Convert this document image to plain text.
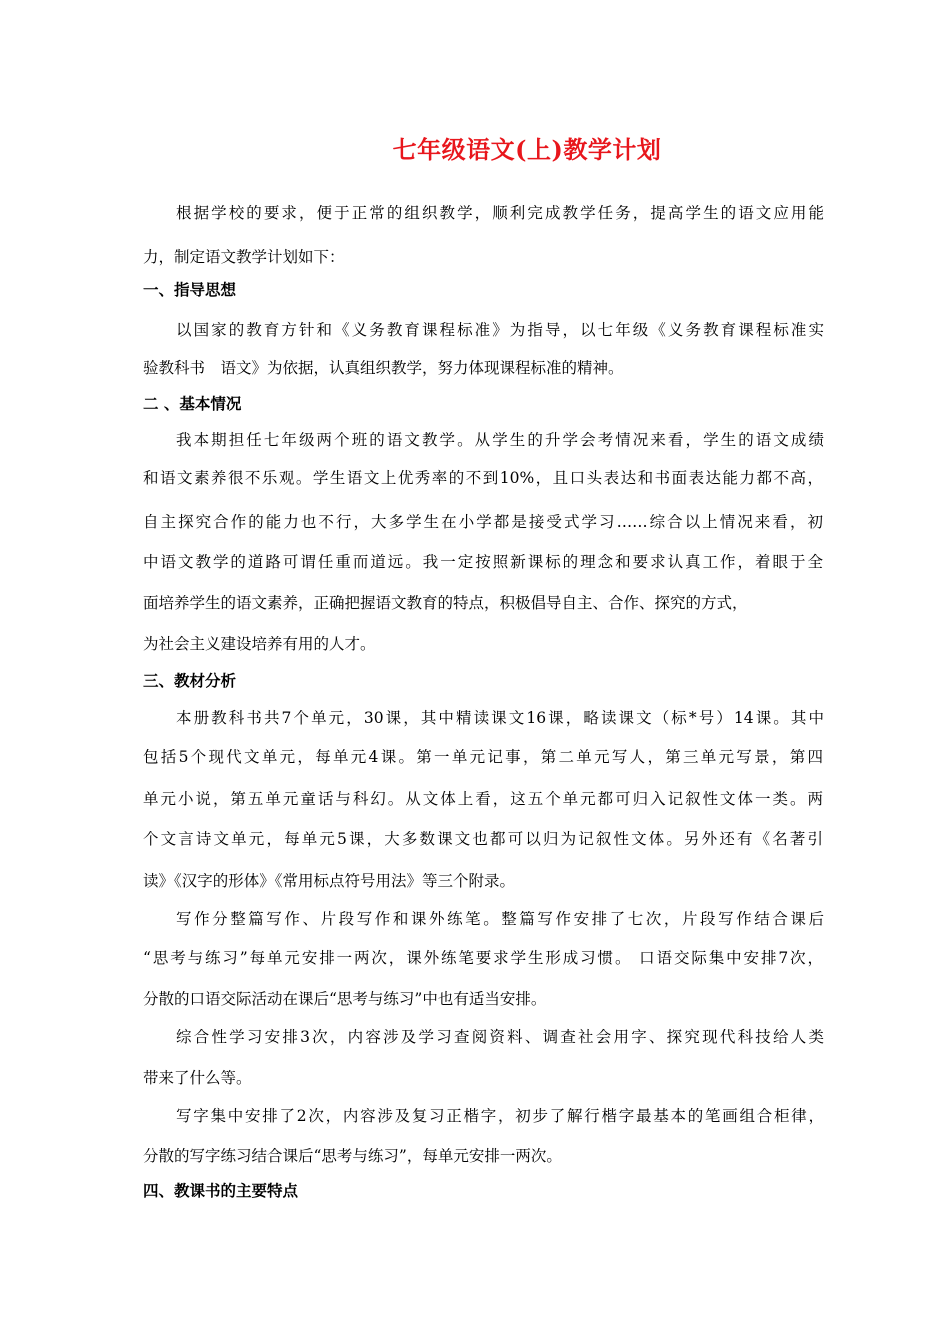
七年级语文(上)教学计划

根据学校的要求，便于正常的组织教学，顺利完成教学任务，提高学生的语文应用能

力，制定语文教学计划如下：

一、指导思想

以国家的教育方针和《义务教育课程标准》为指导，以七年级《义务教育课程标准实

验教科书　语文》为依据，认真组织教学，努力体现课程标准的精神。

二 、基本情况

我本期担任七年级两个班的语文教学。从学生的升学会考情况来看，学生的语文成绩

和语文素养很不乐观。学生语文上优秀率的不到10%，且口头表达和书面表达能力都不高，

自主探究合作的能力也不行，大多学生在小学都是接受式学习……综合以上情况来看，初

中语文教学的道路可谓任重而道远。我一定按照新课标的理念和要求认真工作，着眼于全

面培养学生的语文素养，正确把握语文教育的特点，积极倡导自主、合作、探究的方式，

为社会主义建设培养有用的人才。

三、教材分析

本册教科书共7个单元，30课，其中精读课文16课，略读课文（标*号）14课。其中

包括5个现代文单元，每单元4课。第一单元记事，第二单元写人，第三单元写景，第四

单元小说，第五单元童话与科幻。从文体上看，这五个单元都可归入记叙性文体一类。两

个文言诗文单元，每单元5课，大多数课文也都可以归为记叙性文体。另外还有《名著引

读》《汉字的形体》《常用标点符号用法》等三个附录。

写作分整篇写作、片段写作和课外练笔。整篇写作安排了七次，片段写作结合课后

“思考与练习”每单元安排一两次，课外练笔要求学生形成习惯。 口语交际集中安排7次，

分散的口语交际活动在课后“思考与练习”中也有适当安排。

综合性学习安排3次，内容涉及学习查阅资料、调查社会用字、探究现代科技给人类

带来了什么等。

写字集中安排了2次，内容涉及复习正楷字，初步了解行楷字最基本的笔画组合柜律，

分散的写字练习结合课后“思考与练习”，每单元安排一两次。

四、教课书的主要特点
